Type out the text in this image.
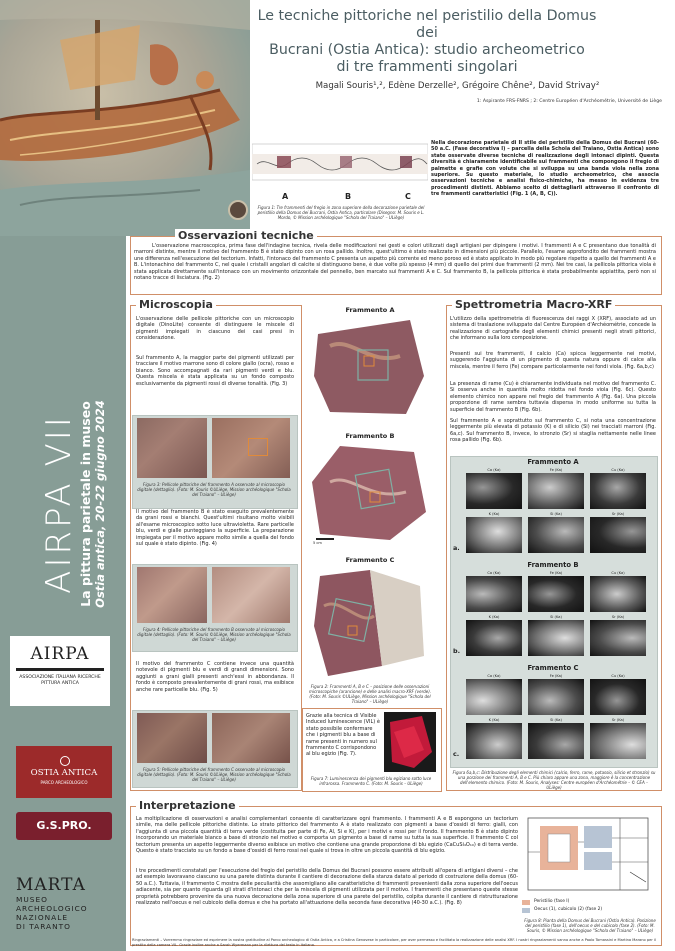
Le tecniche pittoriche nel peristilio della Domus dei
Bucrani (Ostia Antica): studio archeometrico
di tre frammenti singolari
Magali Souris¹,², Edène Derzelle², Grégoire Chêne², David Strivay²
1: Aspirante FRS-FNRS ; 2: Centre Européen d'Archéométrie, Université de Liège
AIRPA VII La pittura parietale in museo Ostia antica, 20-22 giugno 2024
AIRPA
ASSOCIAZIONE ITALIANA RICERCHE PITTURA ANTICA
OSTIA ANTICA
PARCO ARCHEOLOGICO
G.S.PRO.
MARTA
MUSEO ARCHEOLOGICO NAZIONALE DI TARANTO
A	B	C
Figura 1: Tre frammenti del fregio in zona superiore della decorazione parietale del peristilio della Domus dei Bucrani, Ostia Antica, particolare (Disegno: M. Souris e L. Mordo, © Mission archéologique "Schola del Traiano" – ULiège)
Nella decorazione parietale di II stile del peristilio della Domus dei Bucrani (60-50 a.C. (Fase decorativa I) – parcella della Schola del Traiano, Ostia Antica) sono state osservate diverse tecniche di realizzazione degli intonaci dipinti. Questa diversità è chiaramente identificabile sui frammenti che compongono il fregio di palmette e grafie con volute che si sviluppa su una banda viola nella zona superiore. Su questo materiale, lo studio archeometrico, che associa osservazioni tecniche e analisi fisico-chimiche, ha messo in evidenza tre procedimenti distinti. Abbiamo scelto di dettagliarli attraverso il confronto di tre frammenti caratteristici (Fig. 1 (A, B, C)).
Osservazioni tecniche
L'osservazione macroscopica, prima fase dell'indagine tecnica, rivela delle modificazioni nei gesti e colori utilizzati dagli artigiani per dipingere i motivi. I frammenti A e C presentano due tonalità di marroni distinte, mentre il motivo del frammento B è stato dipinto con un rosa pallido. Inoltre, quest'ultimo è stato realizzato in dimensioni più piccole. Parallelo, l'esame approfondito dei frammenti mostra une differenza nell'esecuzione del tectorium. Infatti, l'intonaco del frammento C presenta un aspetto più corrente ed meno poroso ed è stato applicato in modo più regolare rispetto a quello dei frammenti A e B. L'intonachino del frammento C, nel quale i cristalli angolari di calcite si distinguono bene, è due volte più spesso (4 mm) di quello dei primi due frammenti (2 mm). Nei tre casi, la pellicola pittorica viola è stata applicata direttamente sull'intonaco con un movimento orizzontale del pennello, ben marcato sui frammenti A e C. Sul frammento B, la pellicola pittorica è stata probabilmente appiattita, però non si notano tracce di lisciatura. (Fig. 2)
Microscopia
L'osservazione delle pellicole pittoriche con un microscopio digitale (DinoLite) consente di distinguere le miscele di pigmenti impiegati in ciascuno dei casi presi in considerazione.
Sul frammento A, la maggior parte dei pigmenti utilizzati per tracciare il motivo marrone sono di colore giallo (ocra), rosso e bianco. Sono accompagnati da rari pigmenti verdi e blu. Questa miscela è stata applicata su un fondo composto esclusivamente da pigmenti rossi di diverse tonalità. (Fig. 3)
Figura 3: Pellicole pittoriche del frammento A osservate al microscopio digitale (dettaglio). (Foto: M. Souris ©ULiège, Mission archéologique "Schola del Traiano" – ULiège)
Il motivo del frammento B è stato eseguito prevalentemente da grani rossi e bianchi. Quest'ultimi risultano molto visibili all'esame microscopico sotto luce ultravioletta. Rare particelle blu, verdi e gialle punteggiano la superficie. La preparazione impiegata per il motivo appare molto simile a quella del fondo sul quale è stato dipinto. (Fig. 4)
Figura 4: Pellicole pittoriche del frammento B osservate al microscopio digitale (dettaglio). (Foto: M. Souris ©ULiège, Mission archéologique "Schola del Traiano" – ULiège)
Il motivo del frammento C contiene invece una quantità notevole di pigmenti blu e verdi di grandi dimensioni. Sono aggiunti a grani gialli presenti anch'essi in abbondanza. Il fondo è composto prevalentemente di grani rossi, ma esibisce anche rare particelle blu. (Fig. 5)
Figura 5: Pellicole pittoriche del frammento C osservate al microscopio digitale (dettaglio). (Foto: M. Souris ©ULiège, Mission archéologique "Schola del Traiano" – ULiège)
Frammento A
Frammento B
5 cm
Frammento C
Figura 2: Frammenti A, B e C – posizione delle osservazioni microscopiche (arancione) e delle analisi macro-XRF (verde). (Foto: M. Souris ©ULiège, Mission archéologique "Schola del Traiano" – ULiège)
Grazie alla tecnica di Visible Induced luminescence (VIL) è stato possibile confermare che i pigmenti blu a base di rame presenti in numero sul frammento C corrispondono al blu egizio (Fig. 7).
Figura 7: Luminescenza dei pigmenti blu egiziano sotto luce infrarossa. Frammento C. (Foto: M. Souris – ULiège)
Spettrometria Macro-XRF
L'utilizzo della spettrometria di fluorescenza dei raggi X (XRF), associato ad un sistema di traslazione sviluppato dal Centre Européen d'Archéométrie, concede la realizzazione di cartografie degli elementi chimici presenti negli strati pittorici, che informano sulla loro composizione.
Presenti sui tre frammenti, il calcio (Ca) spicca leggermente nei motivi, suggerendo l'aggiunta di un pigmento di questa natura oppure di calce alla miscela, mentre il ferro (Fe) compare particolarmente nei fondi viola. (Fig. 6a,b,c)
La presenza di rame (Cu) è chiaramente individuata nel motivo del frammento C. Si osserva anche in quantità molto ridotta nel fondo viola (Fig. 6c). Questo elemento chimico non appare nel fregio del frammento A (Fig. 6a). Una piccola proporzione di rame sembra tuttavia dispersa in modo uniforme su tutta la superficie del frammento B (Fig. 6b).
Sul frammento A e soprattutto sul frammento C, si nota una concentrazione leggermente più elevata di potassio (K) e di silicio (Si) nei tracciati marroni (Fig. 6a,c). Sul frammento B, invece, lo stronzio (Sr) si staglia nettamente nelle linee rosa pallido (Fig. 6b).
Frammento A
a.
Ca (Ka)	Fe (Ka)	Cu (Ka)
K (Ka)	Si (Ka)	Sr (Ka)
Frammento B
b.
Ca (Ka)	Fe (Ka)	Cu (Ka)
K (Ka)	Si (Ka)	Sr (Ka)
Frammento C
c.
Ca (Ka)	Fe (Ka)	Cu (Ka)
K (Ka)	Si (Ka)	Sr (Ka)
Figura 6a,b,c: Distribuzione degli elementi chimici (calcio, ferro, rame, potassio, silicio et stronzio) su una porzione dei frammenti A, B e C. Più chiaro appare una zona, maggiore è la concentrazione dell'elemento chimico. (Foto: M. Souris, Analyses: Centre européen d'Archéométrie – © CEA – ULiège)
Interpretazione
La moltiplicazione di osservazioni e analisi complementari consente di caratterizzare ogni frammento. I frammenti A e B espongono un tectorium simile, ma delle pellicole pittoriche distinte. Lo strato pittorico del frammento A è stato realizzato con pigmenti a base d'ossidi di ferro: gialli, con l'aggiunta di una piccola quantità di terra verde (costituita per parte di Fe, Al, Si e K), per i motivi e rossi per il fondo. Il frammento B è stato dipinto incorporando un materiale bianco a base di stronzio nel motivo e comporta un pigmento a base di rame su tutta la sua superficie. Il frammento C col tectorium presenta un aspetto leggermente diverso esibisce un motivo che contiene una grande proporzione di blu egizio (CaCuSi₄O₁₀) e di terra verde. Questo è stato tracciato su un fondo a base d'ossidi di ferro rossi nel quale si trova in oltre un piccola quantità di blu egizio.
I tre procedimenti constatati per l'esecuzione del fregio del peristilio della Domus dei Bucrani possono essere attribuiti all'opera di artigiani diversi – che ad esempio lavoravano ciascuno su una parete distinta durante il cantiere di decorazione della stanza datato al periodo di costruzione della domus (60-50 a.C.). Tuttavia, il frammento C mostra delle peculiarità che assomigliano alle caratteristiche di frammenti provenienti dalla zona superiore dell'oecus adiacente, sia per quanto riguarda gli strati d'intonaci che per la miscela di pigmenti utilizzata per il motivo. I frammenti che presentano queste stesse proprietà potrebbero provenire da una nuova decorazione della zona superiore di una parete del peristilio, colpita durante il cantiere di ristrutturazione realizzato nell'oecus e nel cubicolo della domus e che ha portato all'attuazione della seconda fase decorativa (40-30 a.C.). (Fig. 8)	Peristilio (fase I)
Oecus (1), cubicolo (2) (fase 2)
Figura 8: Pianta della Domus dei Bucrani (Ostia Antica). Posizione del peristilio (fase 1), dell'oecus e del cubicolo (fase 2). (Foto: M. Souris, © Mission archéologique "Schola del Traiano" – ULiège)
Ringraziamenti – Vorremmo ringraziare ed esprimere la nostra gratitudine al Parco archeologico di Ostia Antica, e a Cristina Genovese in particolare, per aver permesso e facilitato la realizzazione delle analisi XRF. I nostri ringraziamenti vanno anche a Paolo Tomassini e Martina Marano per il prestito della camera VIL. Grazie inoltre anche a Sarah Wyermann per la rilettura del testo in italiano.
